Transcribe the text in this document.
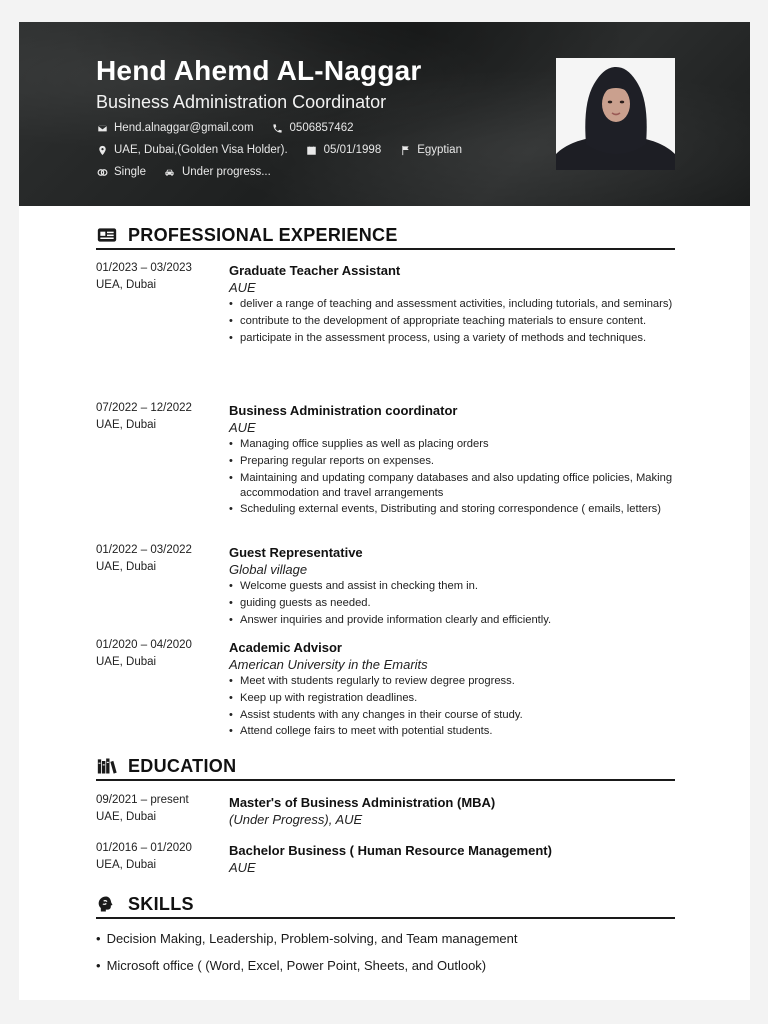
Hend Ahemd AL-Naggar
Business Administration Coordinator
Hend.alnaggar@gmail.com	0506857462
UAE, Dubai,(Golden Visa Holder).	05/01/1998	Egyptian
Single	Under progress...
PROFESSIONAL EXPERIENCE
01/2023 – 03/2023
UEA, Dubai
Graduate Teacher Assistant
AUE
• deliver a range of teaching and assessment activities, including tutorials, and seminars)
• contribute to the development of appropriate teaching materials to ensure content.
• participate in the assessment process, using a variety of methods and techniques.
07/2022 – 12/2022
UAE, Dubai
Business Administration coordinator
AUE
• Managing office supplies as well as placing orders
• Preparing regular reports on expenses.
• Maintaining and updating company databases and also updating office policies, Making accommodation and travel arrangements
• Scheduling external events, Distributing and storing correspondence ( emails, letters)
01/2022 – 03/2022
UAE, Dubai
Guest Representative
Global village
• Welcome guests and assist in checking them in.
• guiding guests as needed.
• Answer inquiries and provide information clearly and efficiently.
01/2020 – 04/2020
UAE, Dubai
Academic Advisor
American University in the Emarits
• Meet with students regularly to review degree progress.
• Keep up with registration deadlines.
• Assist students with any changes in their course of study.
• Attend college fairs to meet with potential students.
EDUCATION
09/2021 – present
UAE, Dubai
Master's of Business Administration (MBA)
(Under Progress), AUE
01/2016 – 01/2020
UEA, Dubai
Bachelor Business ( Human Resource Management)
AUE
SKILLS
• Decision Making, Leadership, Problem-solving, and Team management
• Microsoft office ( (Word, Excel, Power Point, Sheets, and Outlook)
